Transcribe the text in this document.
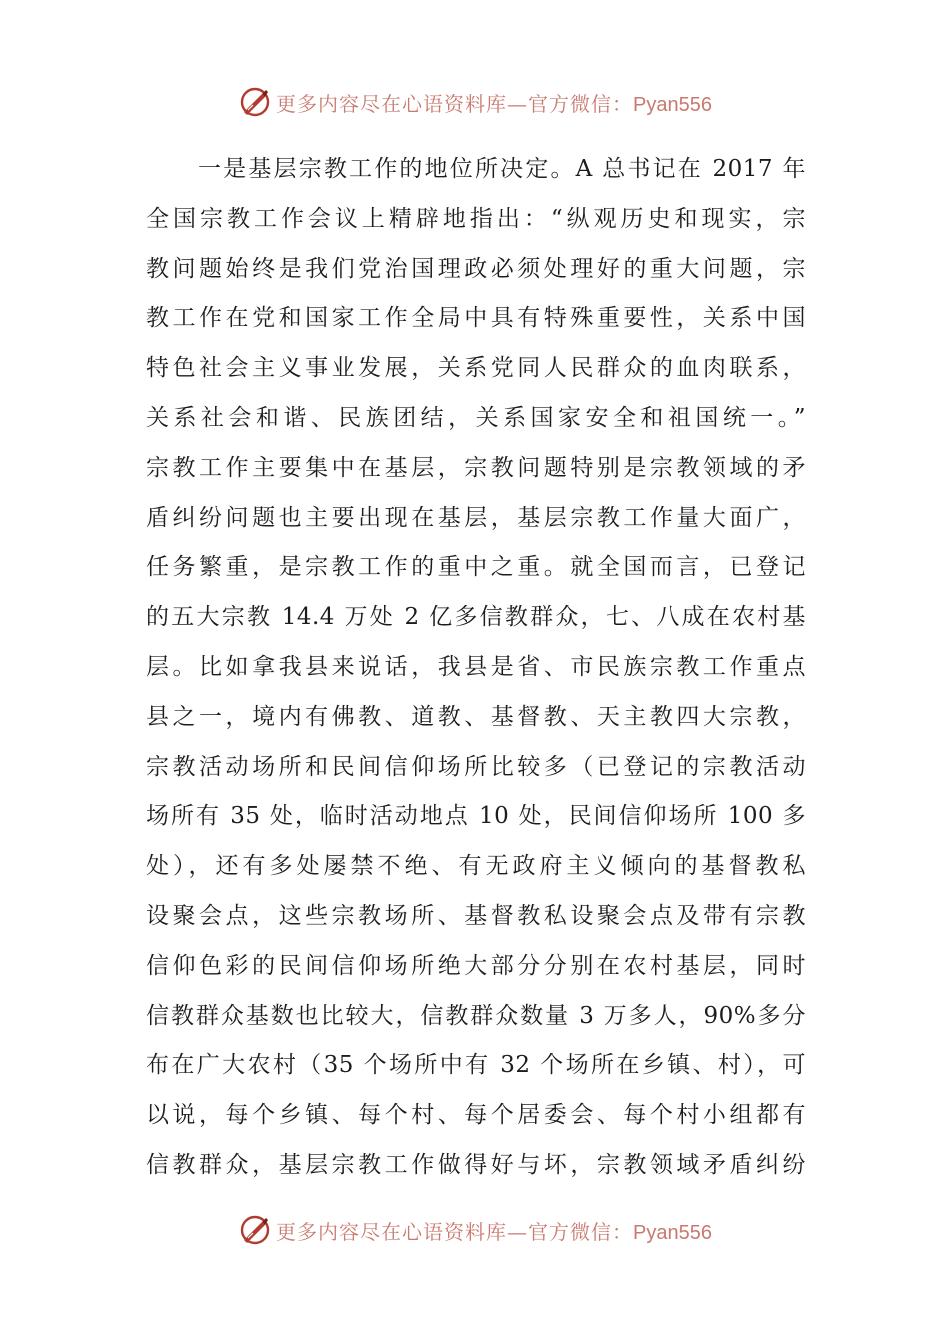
更多内容尽在心语资料库—官方微信：Pyan556
一是基层宗教工作的地位所决定。A 总书记在 2017 年
全国宗教工作会议上精辟地指出：“纵观历史和现实，宗
教问题始终是我们党治国理政必须处理好的重大问题，宗
教工作在党和国家工作全局中具有特殊重要性，关系中国
特色社会主义事业发展，关系党同人民群众的血肉联系，
关系社会和谐、民族团结，关系国家安全和祖国统一。”
宗教工作主要集中在基层，宗教问题特别是宗教领域的矛
盾纠纷问题也主要出现在基层，基层宗教工作量大面广，
任务繁重，是宗教工作的重中之重。就全国而言，已登记
的五大宗教 14.4 万处 2 亿多信教群众，七、八成在农村基
层。比如拿我县来说话，我县是省、市民族宗教工作重点
县之一，境内有佛教、道教、基督教、天主教四大宗教，
宗教活动场所和民间信仰场所比较多（已登记的宗教活动
场所有 35 处，临时活动地点 10 处，民间信仰场所 100 多
处），还有多处屡禁不绝、有无政府主义倾向的基督教私
设聚会点，这些宗教场所、基督教私设聚会点及带有宗教
信仰色彩的民间信仰场所绝大部分分别在农村基层，同时
信教群众基数也比较大，信教群众数量 3 万多人，90%多分
布在广大农村（35 个场所中有 32 个场所在乡镇、村），可
以说，每个乡镇、每个村、每个居委会、每个村小组都有
信教群众，基层宗教工作做得好与坏，宗教领域矛盾纠纷
更多内容尽在心语资料库—官方微信：Pyan556
